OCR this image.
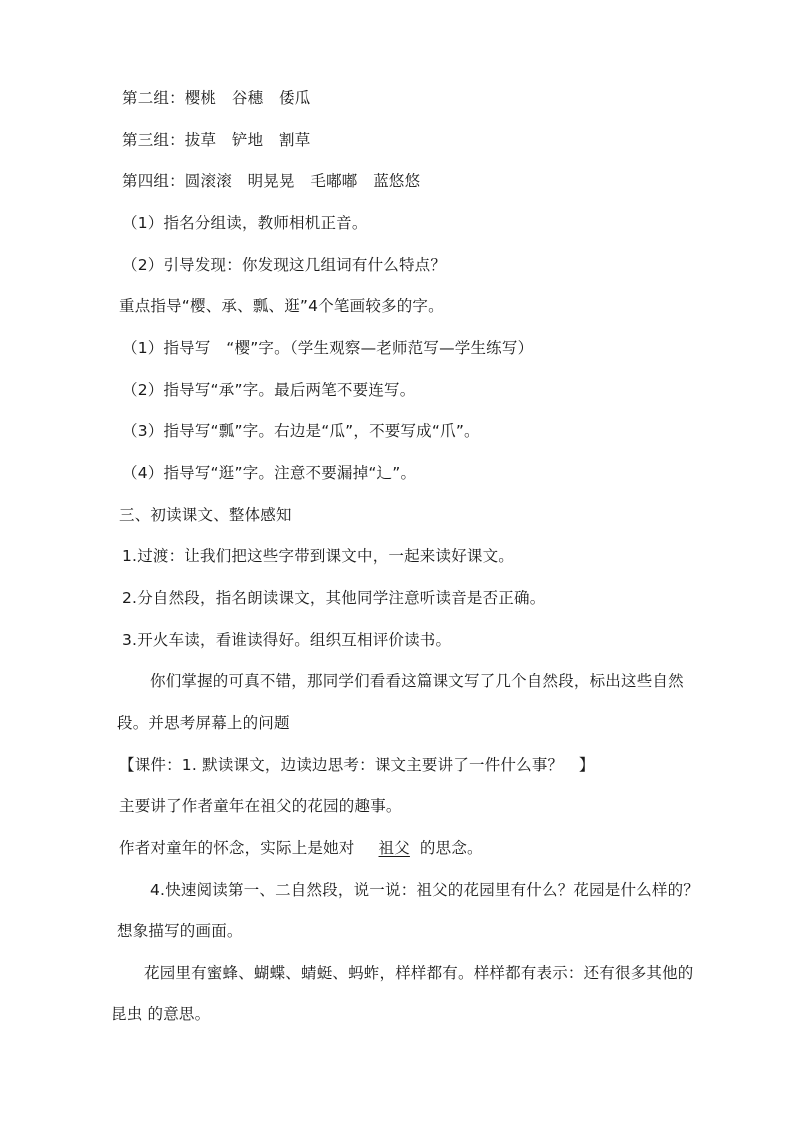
第二组：樱桃　谷穗　倭瓜
第三组：拔草　铲地　割草
第四组：圆滚滚　明晃晃　毛嘟嘟　蓝悠悠
（1）指名分组读，教师相机正音。
（2）引导发现：你发现这几组词有什么特点？
重点指导“樱、承、瓢、逛”4个笔画较多的字。
（1）指导写　“樱”字。（学生观察—老师范写—学生练写）
（2）指导写“承”字。最后两笔不要连写。
（3）指导写“瓢”字。右边是“瓜”，不要写成“爪”。
（4）指导写“逛”字。注意不要漏掉“辶”。
三、初读课文、整体感知
1.过渡：让我们把这些字带到课文中，一起来读好课文。
2.分自然段，指名朗读课文，其他同学注意听读音是否正确。
3.开火车读，看谁读得好。组织互相评价读书。
你们掌握的可真不错，那同学们看看这篇课文写了几个自然段，标出这些自然
段。并思考屏幕上的问题
【课件：1. 默读课文，边读边思考：课文主要讲了一件什么事？　】
主要讲了作者童年在祖父的花园的趣事。
作者对童年的怀念，实际上是她对 祖父 的思念。
4.快速阅读第一、二自然段，说一说：祖父的花园里有什么？花园是什么样的？
想象描写的画面。
花园里有蜜蜂、蝴蝶、蜻蜓、蚂蚱，样样都有。样样都有表示：还有很多其他的
昆虫 的意思。
